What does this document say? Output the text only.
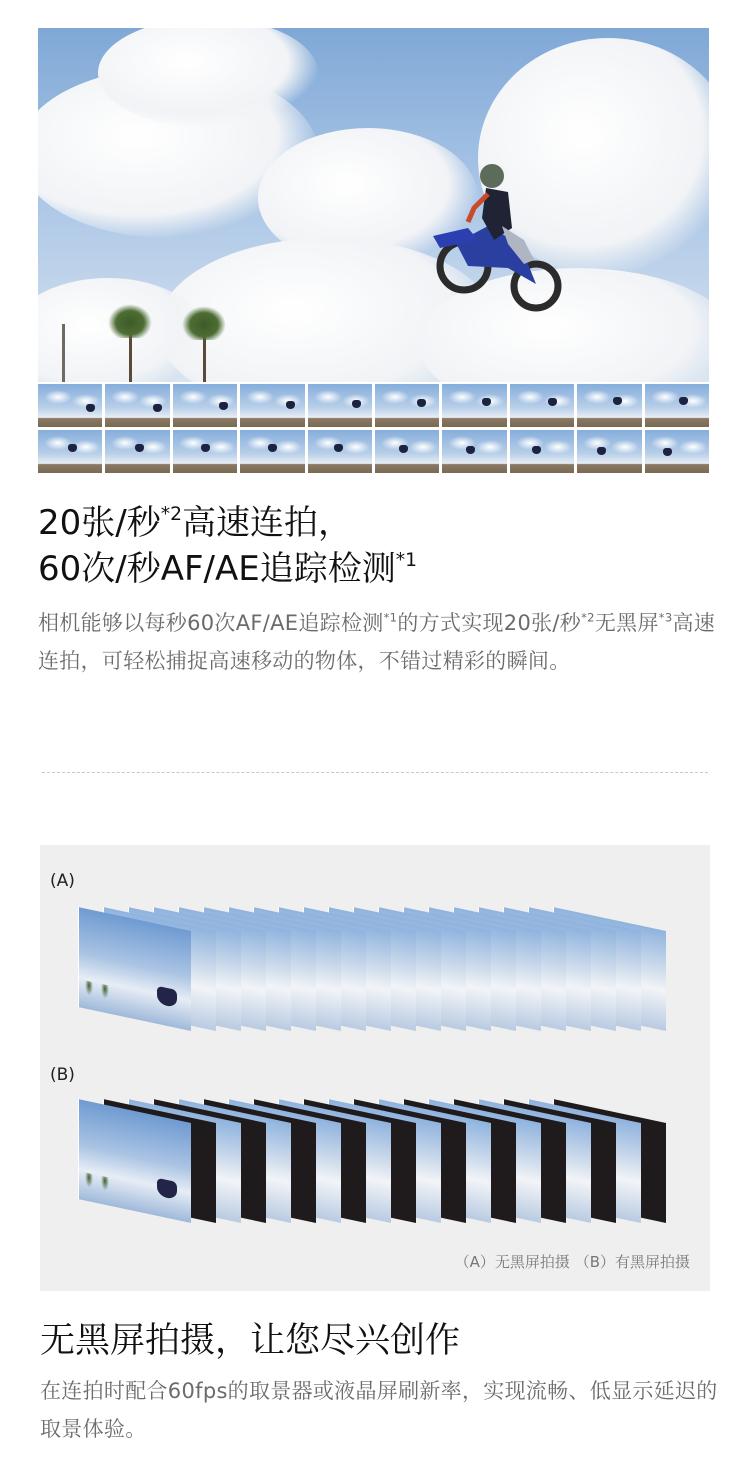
20张/秒$^{*2}$高速连拍，
60次/秒AF/AE追踪检测$^{*1}$

相机能够以每秒60次AF/AE追踪检测$^{*1}$的方式实现20张/秒$^{*2}$无黑屏$^{*3}$高速连拍，可轻松捕捉高速移动的物体，不错过精彩的瞬间。

(A)
(B)
（A）无黑屏拍摄 （B）有黑屏拍摄
无黑屏拍摄，让您尽兴创作

在连拍时配合60fps的取景器或液晶屏刷新率，实现流畅、低显示延迟的取景体验。
